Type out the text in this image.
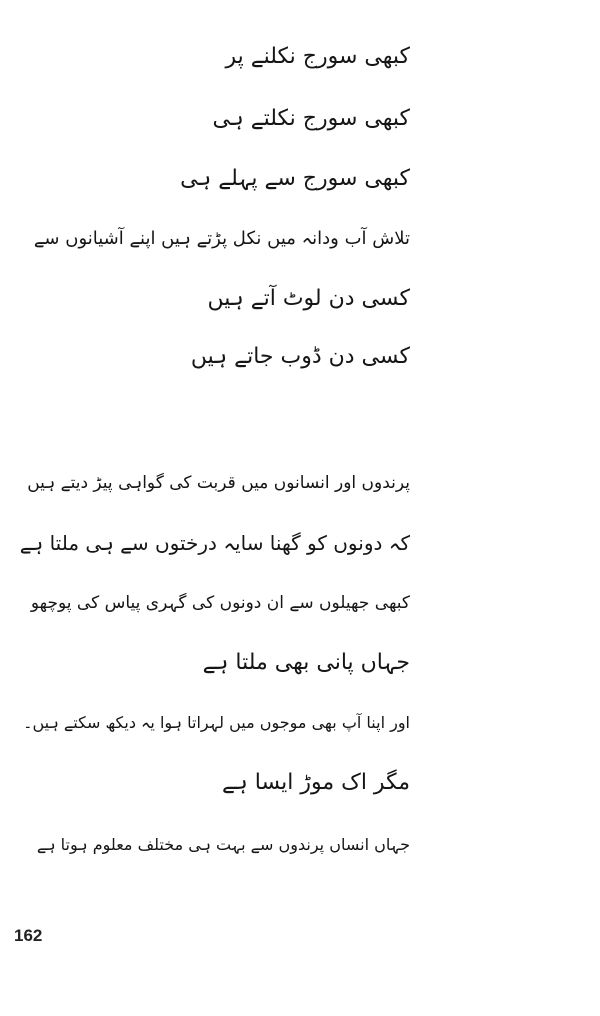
کبھی سورج نکلنے پر
کبھی سورج نکلتے ہی
کبھی سورج سے پہلے ہی
تلاش آب ودانہ میں نکل پڑتے ہیں اپنے آشیانوں سے
کسی دن لوٹ آتے ہیں
کسی دن ڈوب جاتے ہیں
پرندوں اور انسانوں میں قربت کی گواہی پیڑ دیتے ہیں
کہ دونوں کو گھنا سایہ درختوں سے ہی ملتا ہے
کبھی جھیلوں سے ان دونوں کی گہری پیاس کی پوچھو
جہاں پانی بھی ملتا ہے
اور اپنا آپ بھی موجوں میں لہراتا ہوا یہ دیکھ سکتے ہیں۔
مگر اک موڑ ایسا ہے
جہاں انساں پرندوں سے بہت ہی مختلف معلوم ہوتا ہے
162
